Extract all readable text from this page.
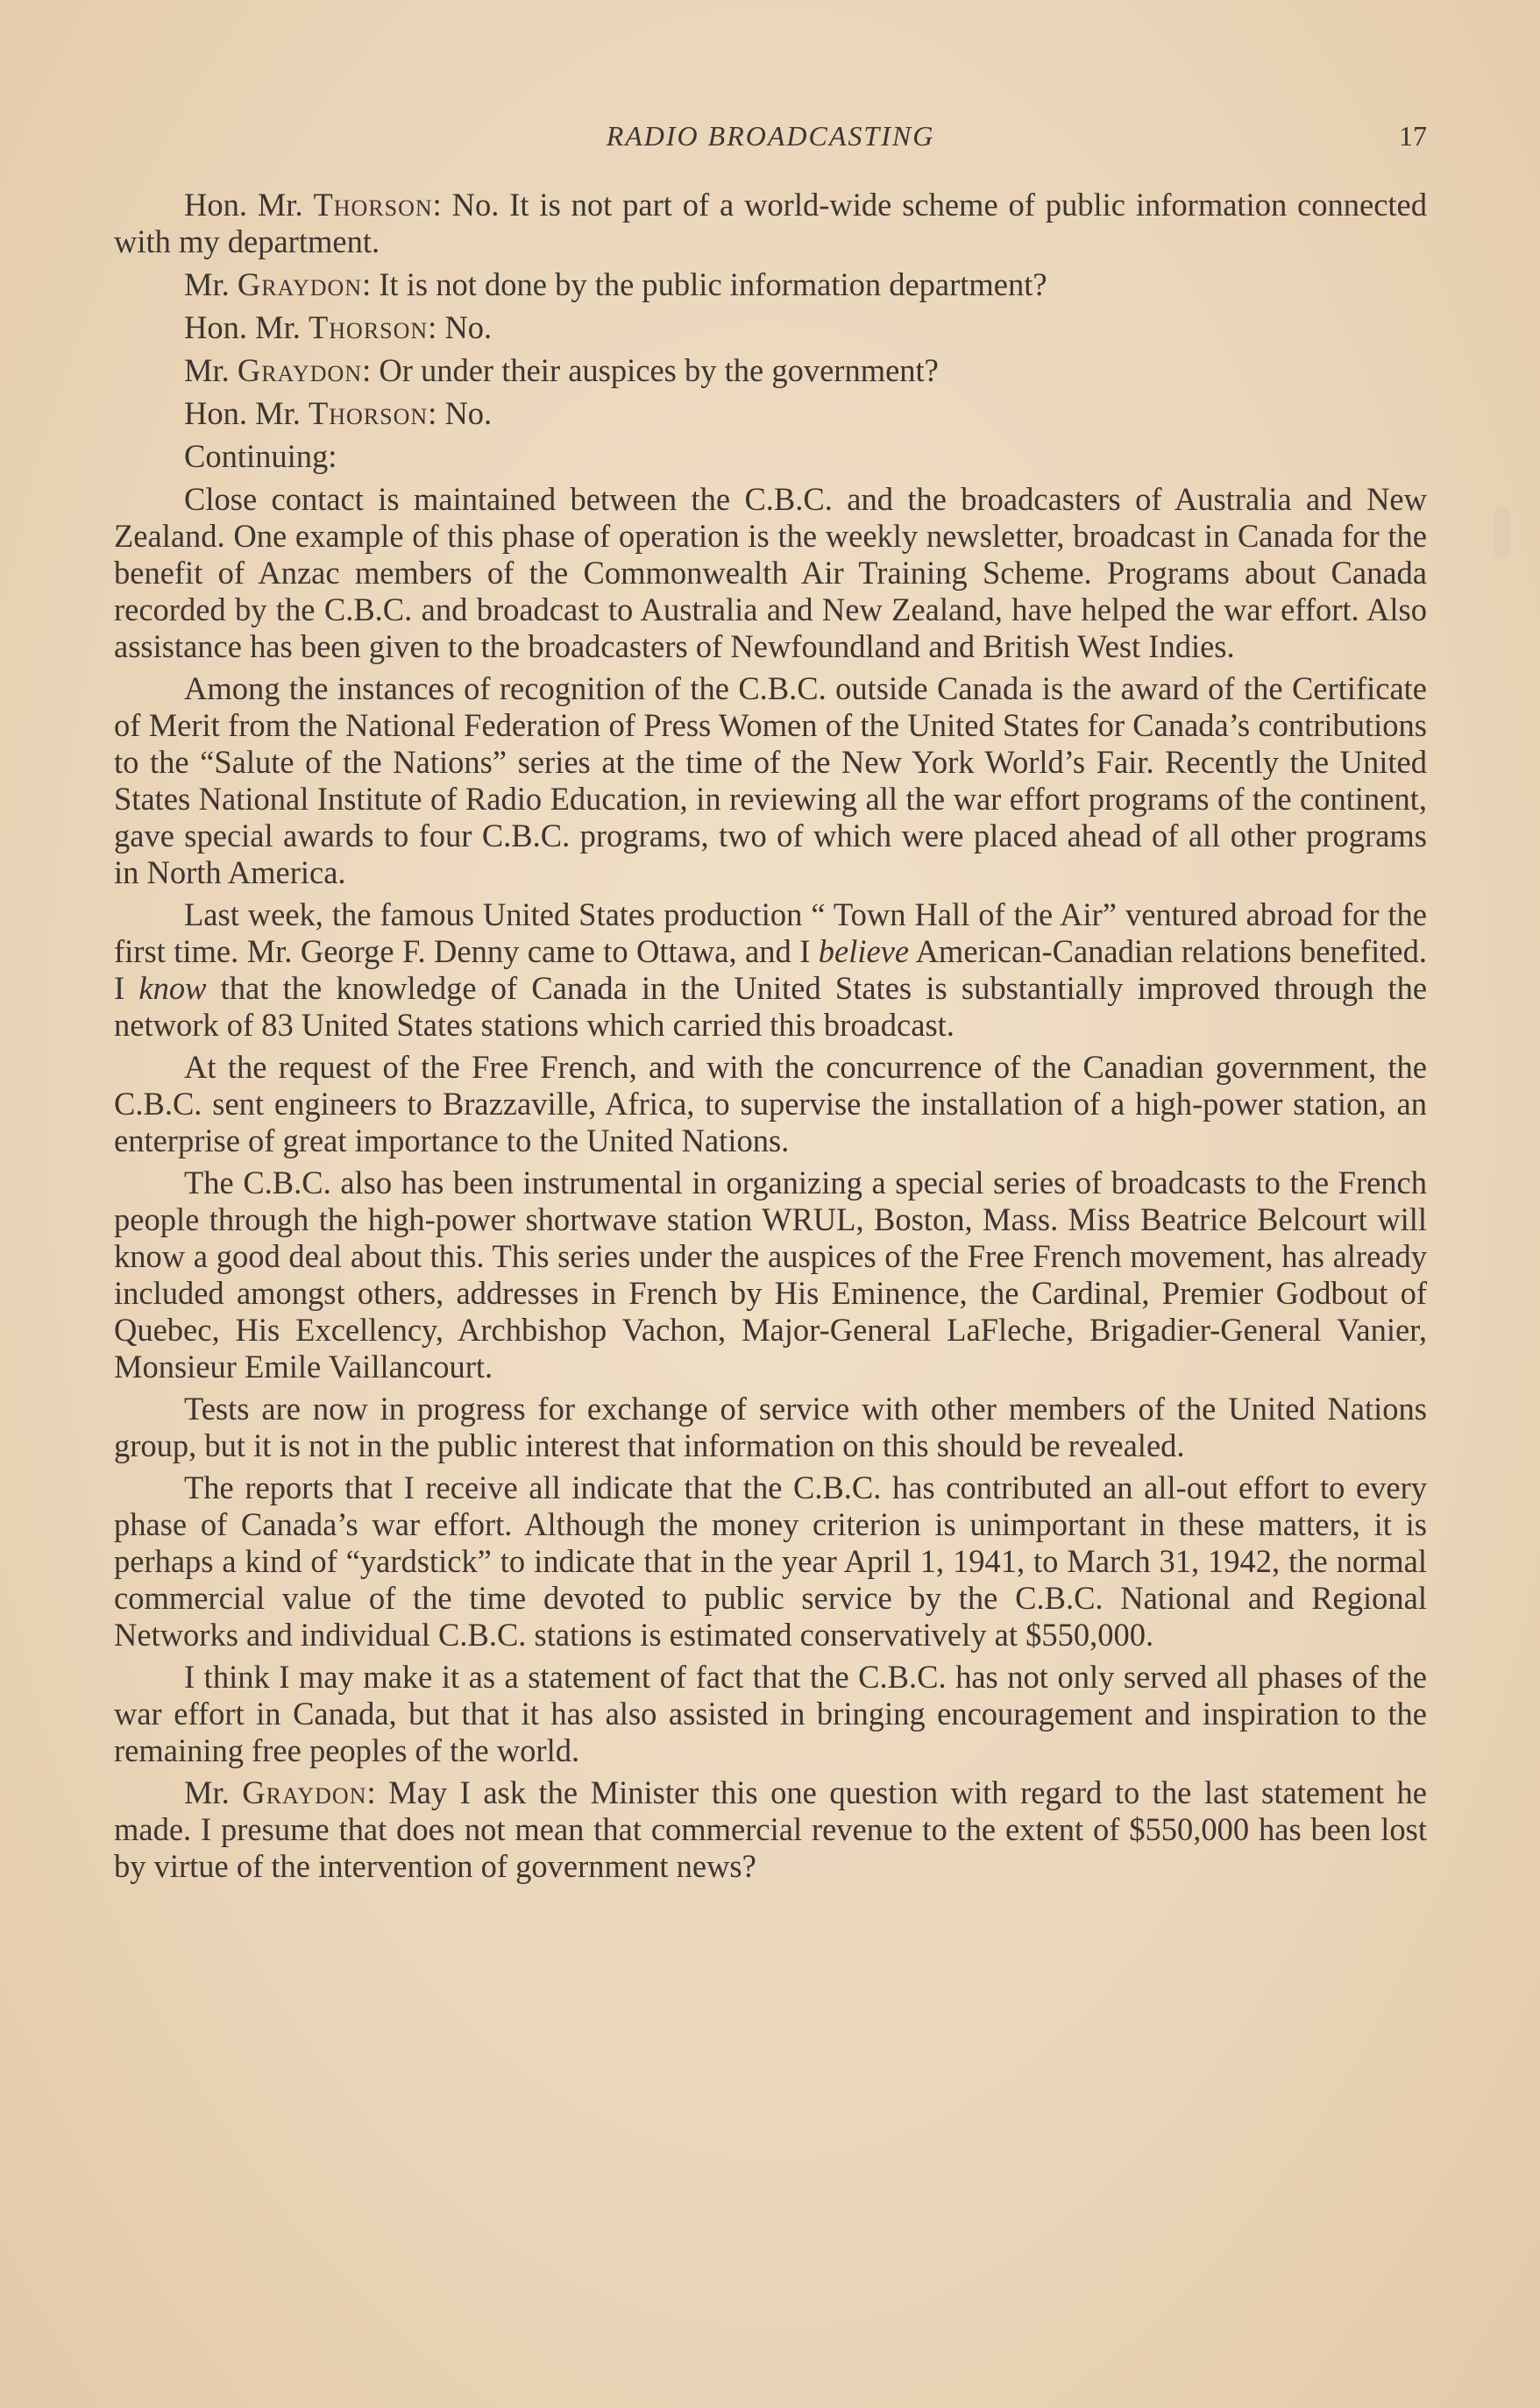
RADIO BROADCASTING	17

Hon. Mr. Thorson: No. It is not part of a world-wide scheme of public information connected with my department.

Mr. Graydon: It is not done by the public information department?

Hon. Mr. Thorson: No.

Mr. Graydon: Or under their auspices by the government?

Hon. Mr. Thorson: No.

Continuing:

Close contact is maintained between the C.B.C. and the broadcasters of Australia and New Zealand. One example of this phase of operation is the weekly newsletter, broadcast in Canada for the benefit of Anzac members of the Commonwealth Air Training Scheme. Programs about Canada recorded by the C.B.C. and broadcast to Australia and New Zealand, have helped the war effort. Also assistance has been given to the broadcasters of Newfoundland and British West Indies.

Among the instances of recognition of the C.B.C. outside Canada is the award of the Certificate of Merit from the National Federation of Press Women of the United States for Canada’s contributions to the “Salute of the Nations” series at the time of the New York World’s Fair. Recently the United States National Institute of Radio Education, in reviewing all the war effort programs of the continent, gave special awards to four C.B.C. programs, two of which were placed ahead of all other programs in North America.

Last week, the famous United States production “ Town Hall of the Air” ventured abroad for the first time. Mr. George F. Denny came to Ottawa, and I believe American-Canadian relations benefited. I know that the knowledge of Canada in the United States is substantially improved through the network of 83 United States stations which carried this broadcast.

At the request of the Free French, and with the concurrence of the Canadian government, the C.B.C. sent engineers to Brazzaville, Africa, to supervise the installation of a high-power station, an enterprise of great importance to the United Nations.

The C.B.C. also has been instrumental in organizing a special series of broadcasts to the French people through the high-power shortwave station WRUL, Boston, Mass. Miss Beatrice Belcourt will know a good deal about this. This series under the auspices of the Free French movement, has already included amongst others, addresses in French by His Eminence, the Cardinal, Premier Godbout of Quebec, His Excellency, Archbishop Vachon, Major-General LaFleche, Brigadier-General Vanier, Monsieur Emile Vaillancourt.

Tests are now in progress for exchange of service with other members of the United Nations group, but it is not in the public interest that information on this should be revealed.

The reports that I receive all indicate that the C.B.C. has contributed an all-out effort to every phase of Canada’s war effort. Although the money criterion is unimportant in these matters, it is perhaps a kind of “yardstick” to indicate that in the year April 1, 1941, to March 31, 1942, the normal commercial value of the time devoted to public service by the C.B.C. National and Regional Networks and individual C.B.C. stations is estimated conservatively at $550,000.

I think I may make it as a statement of fact that the C.B.C. has not only served all phases of the war effort in Canada, but that it has also assisted in bringing encouragement and inspiration to the remaining free peoples of the world.

Mr. Graydon: May I ask the Minister this one question with regard to the last statement he made. I presume that does not mean that commercial revenue to the extent of $550,000 has been lost by virtue of the intervention of government news?
